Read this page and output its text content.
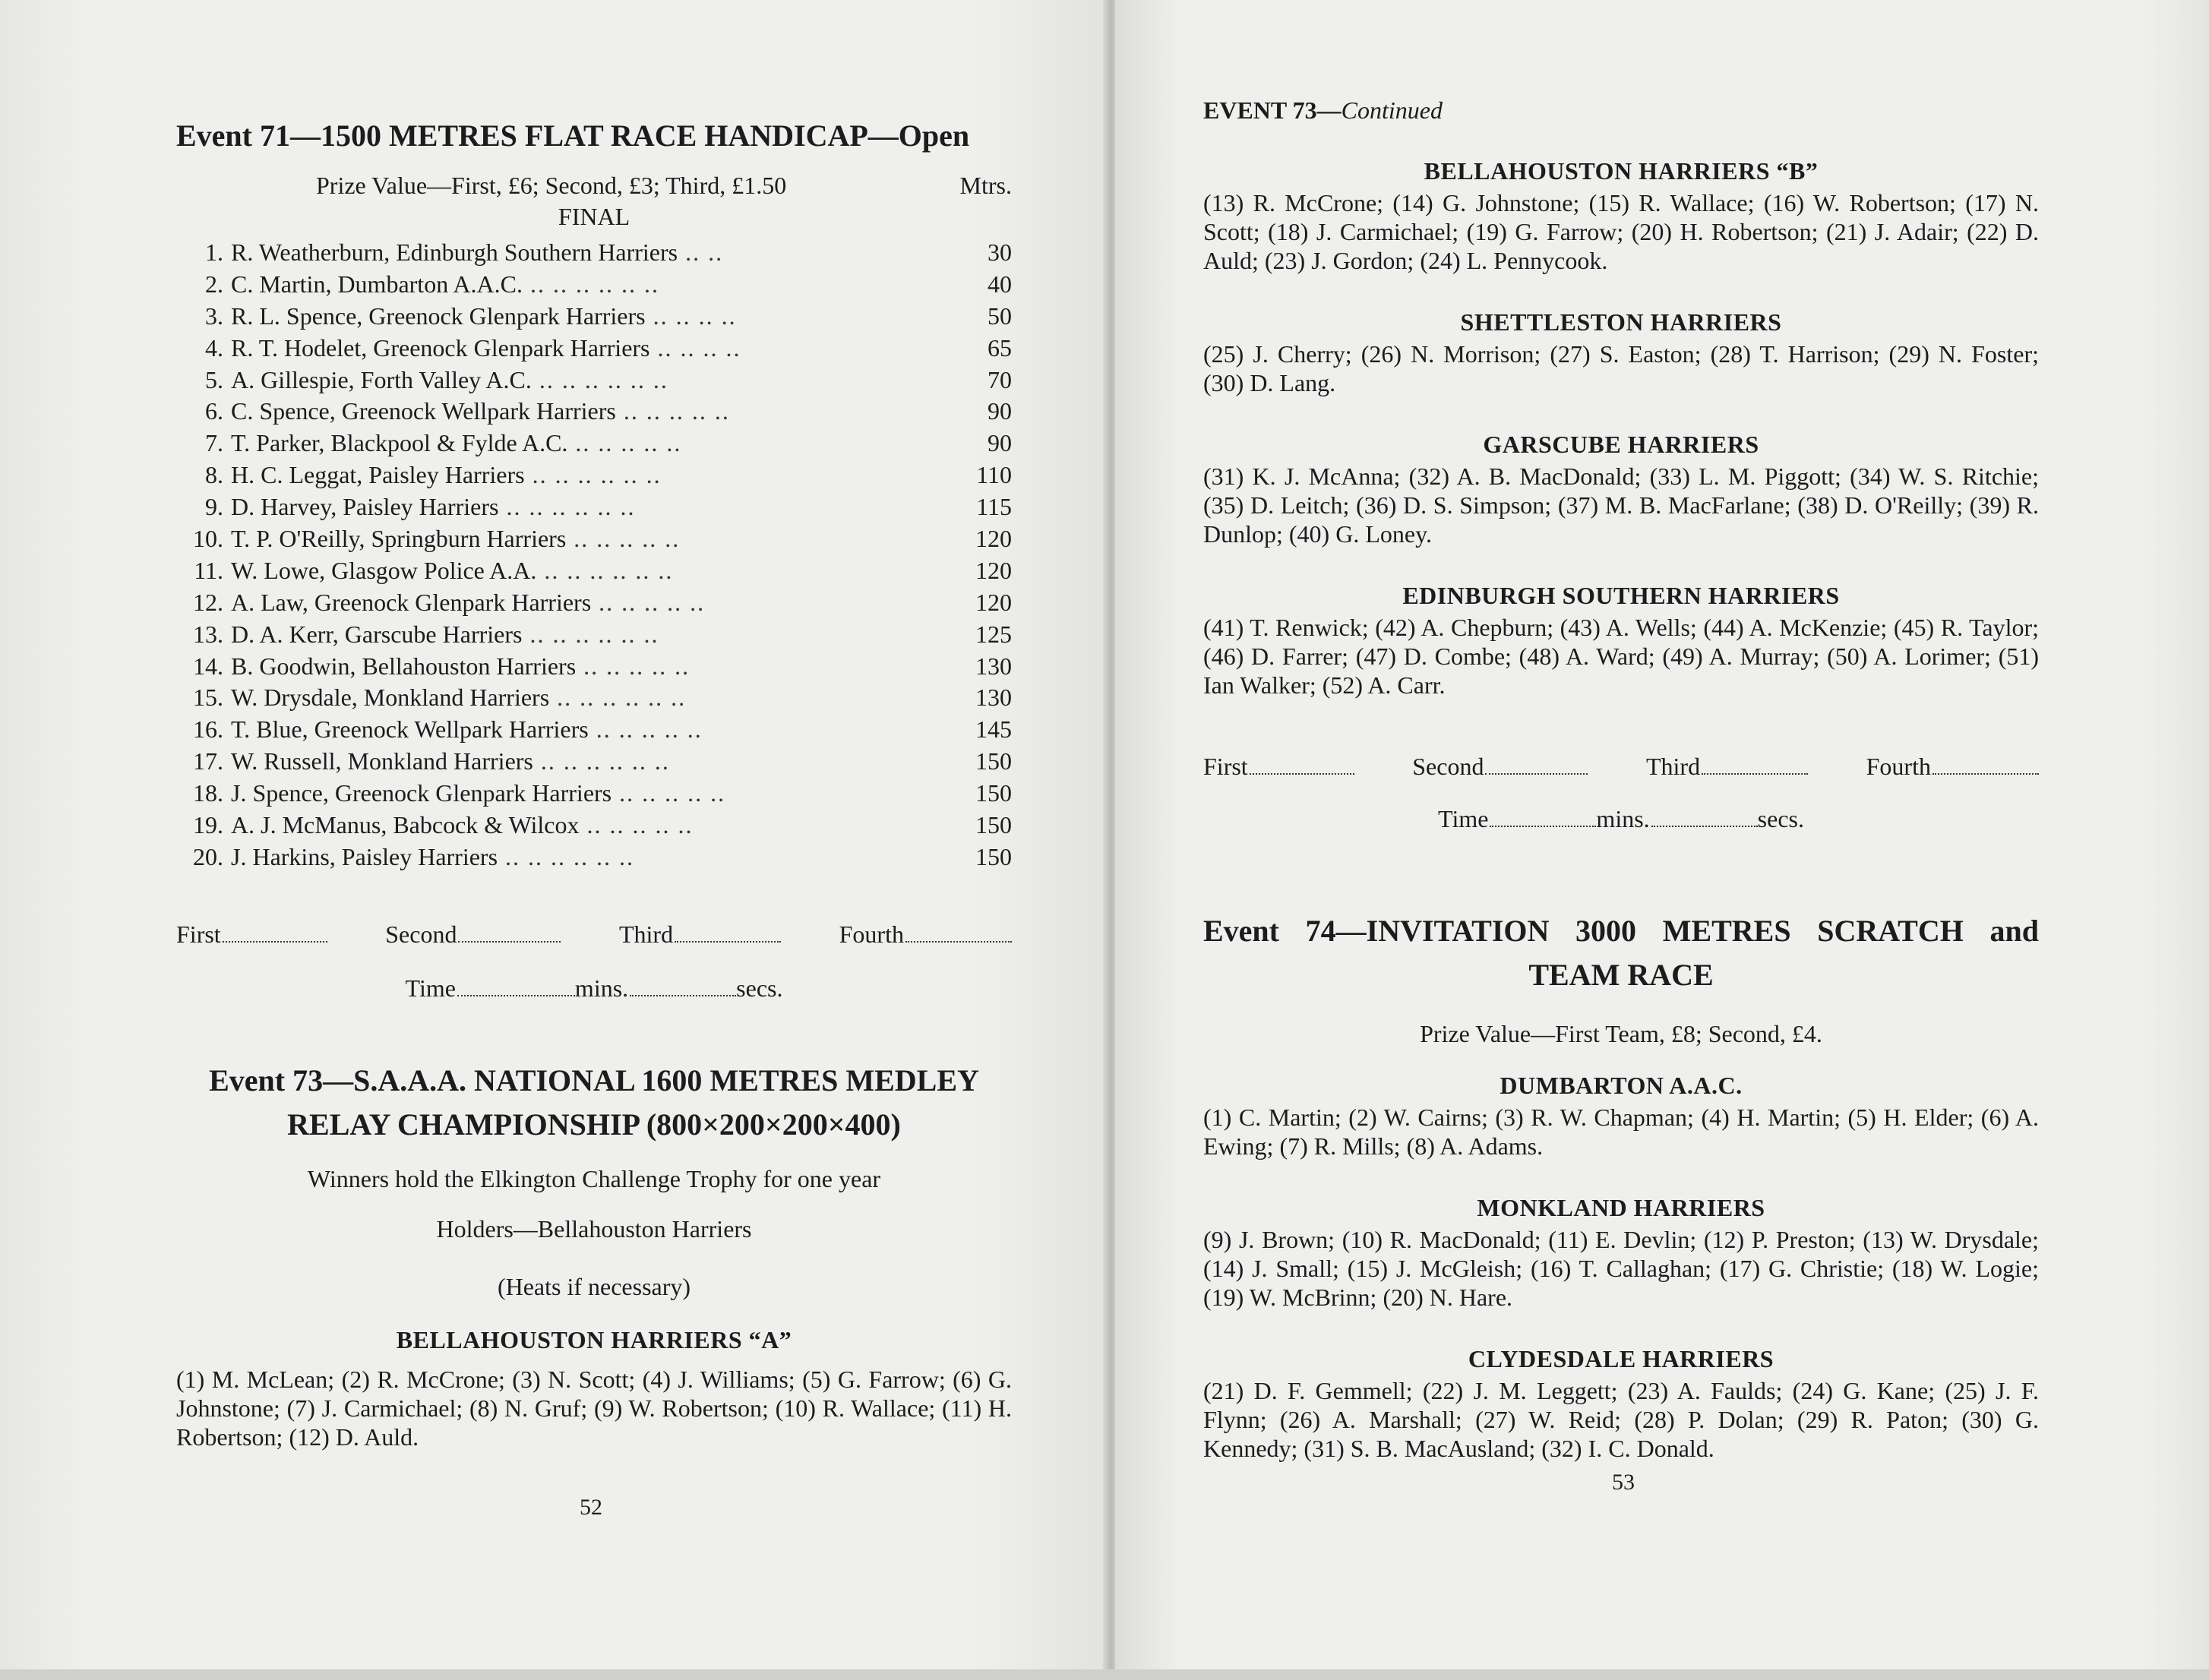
Event 71—1500 METRES FLAT RACE HANDICAP—Open
Prize Value—First, £6; Second, £3; Third, £1.50	Mtrs.
FINAL
1. R. Weatherburn, Edinburgh Southern Harriers .. ..	30
2. C. Martin, Dumbarton A.A.C. .. .. .. .. .. ..	40
3. R. L. Spence, Greenock Glenpark Harriers .. .. .. ..	50
4. R. T. Hodelet, Greenock Glenpark Harriers .. .. .. ..	65
5. A. Gillespie, Forth Valley A.C. .. .. .. .. .. ..	70
6. C. Spence, Greenock Wellpark Harriers .. .. .. .. ..	90
7. T. Parker, Blackpool & Fylde A.C. .. .. .. .. ..	90
8. H. C. Leggat, Paisley Harriers .. .. .. .. .. ..	110
9. D. Harvey, Paisley Harriers .. .. .. .. .. ..	115
10. T. P. O'Reilly, Springburn Harriers .. .. .. .. ..	120
11. W. Lowe, Glasgow Police A.A. .. .. .. .. .. ..	120
12. A. Law, Greenock Glenpark Harriers .. .. .. .. ..	120
13. D. A. Kerr, Garscube Harriers .. .. .. .. .. ..	125
14. B. Goodwin, Bellahouston Harriers .. .. .. .. ..	130
15. W. Drysdale, Monkland Harriers .. .. .. .. .. ..	130
16. T. Blue, Greenock Wellpark Harriers .. .. .. .. ..	145
17. W. Russell, Monkland Harriers .. .. .. .. .. ..	150
18. J. Spence, Greenock Glenpark Harriers .. .. .. .. ..	150
19. A. J. McManus, Babcock & Wilcox .. .. .. .. ..	150
20. J. Harkins, Paisley Harriers .. .. .. .. .. ..	150
First	Second	Third	Fourth
Time	mins.	secs.
Event 73—S.A.A.A. NATIONAL 1600 METRES MEDLEY
RELAY CHAMPIONSHIP (800×200×200×400)

Winners hold the Elkington Challenge Trophy for one year

Holders—Bellahouston Harriers

(Heats if necessary)

BELLAHOUSTON HARRIERS “A”

(1) M. McLean; (2) R. McCrone; (3) N. Scott; (4) J. Williams; (5) G. Farrow; (6) G. Johnstone; (7) J. Carmichael; (8) N. Gruf; (9) W. Robertson; (10) R. Wallace; (11) H. Robertson; (12) D. Auld.

52
EVENT 73—Continued

BELLAHOUSTON HARRIERS “B”

(13) R. McCrone; (14) G. Johnstone; (15) R. Wallace; (16) W. Robertson; (17) N. Scott; (18) J. Carmichael; (19) G. Farrow; (20) H. Robertson; (21) J. Adair; (22) D. Auld; (23) J. Gordon; (24) L. Pennycook.

SHETTLESTON HARRIERS

(25) J. Cherry; (26) N. Morrison; (27) S. Easton; (28) T. Harrison; (29) N. Foster; (30) D. Lang.

GARSCUBE HARRIERS

(31) K. J. McAnna; (32) A. B. MacDonald; (33) L. M. Piggott; (34) W. S. Ritchie; (35) D. Leitch; (36) D. S. Simpson; (37) M. B. MacFarlane; (38) D. O'Reilly; (39) R. Dunlop; (40) G. Loney.

EDINBURGH SOUTHERN HARRIERS

(41) T. Renwick; (42) A. Chepburn; (43) A. Wells; (44) A. McKenzie; (45) R. Taylor; (46) D. Farrer; (47) D. Combe; (48) A. Ward; (49) A. Murray; (50) A. Lorimer; (51) Ian Walker; (52) A. Carr.

First	Second	Third	Fourth
Time	mins.	secs.
Event 74—INVITATION 3000 METRES SCRATCH and
TEAM RACE

Prize Value—First Team, £8; Second, £4.

DUMBARTON A.A.C.

(1) C. Martin; (2) W. Cairns; (3) R. W. Chapman; (4) H. Martin; (5) H. Elder; (6) A. Ewing; (7) R. Mills; (8) A. Adams.

MONKLAND HARRIERS

(9) J. Brown; (10) R. MacDonald; (11) E. Devlin; (12) P. Preston; (13) W. Drysdale; (14) J. Small; (15) J. McGleish; (16) T. Callaghan; (17) G. Christie; (18) W. Logie; (19) W. McBrinn; (20) N. Hare.

CLYDESDALE HARRIERS

(21) D. F. Gemmell; (22) J. M. Leggett; (23) A. Faulds; (24) G. Kane; (25) J. F. Flynn; (26) A. Marshall; (27) W. Reid; (28) P. Dolan; (29) R. Paton; (30) G. Kennedy; (31) S. B. MacAusland; (32) I. C. Donald.

53
